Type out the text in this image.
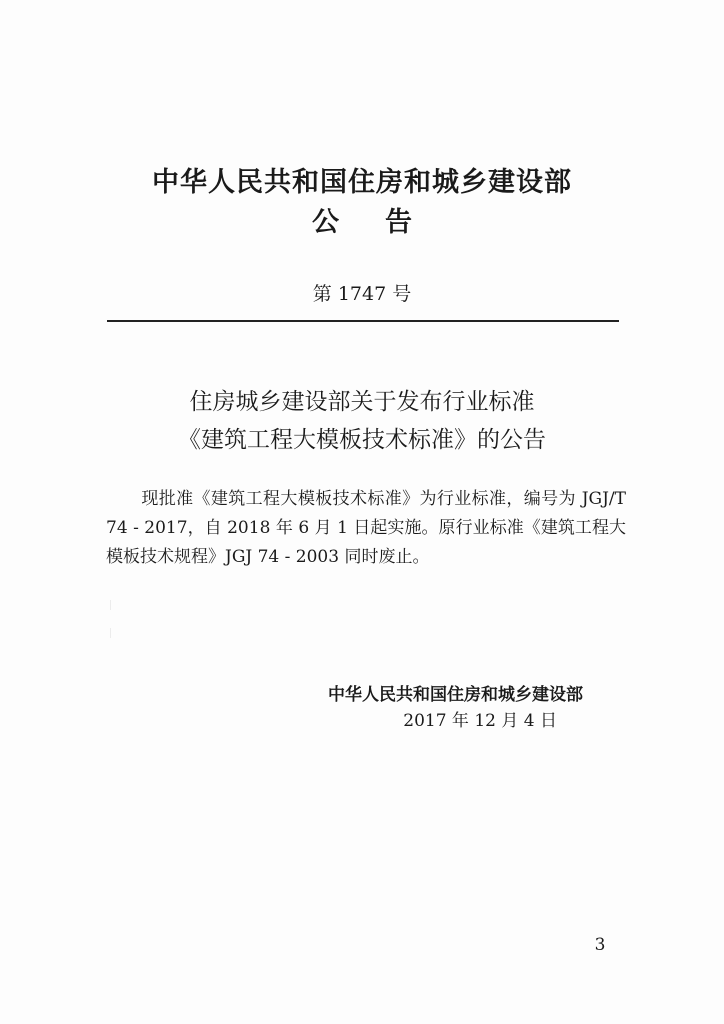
中华人民共和国住房和城乡建设部
公 告
第 1747 号
住房城乡建设部关于发布行业标准
《建筑工程大模板技术标准》的公告
现批准《建筑工程大模板技术标准》为行业标准，编号为 JGJ/T 74 - 2017，自 2018 年 6 月 1 日起实施。原行业标准《建筑工程大模板技术规程》JGJ 74 - 2003 同时废止。
中华人民共和国住房和城乡建设部
2017 年 12 月 4 日
3
